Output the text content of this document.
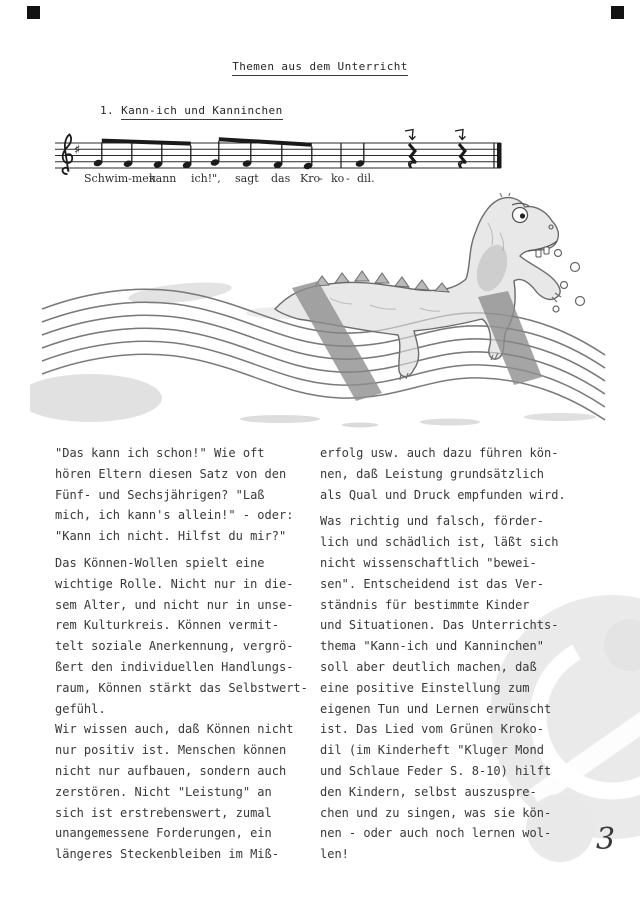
Themen aus dem Unterricht
1. Kann-ich und Kanninchen
♯
Schwim-men
kann ich!", sagt das Kro
- ko - dil.
"Das kann ich schon!" Wie oft
hören Eltern diesen Satz von den
Fünf- und Sechsjährigen? "Laß
mich, ich kann's allein!" - oder:
"Kann ich nicht. Hilfst du mir?"
Das Können-Wollen spielt eine
wichtige Rolle. Nicht nur in die-
sem Alter, und nicht nur in unse-
rem Kulturkreis. Können vermit-
telt soziale Anerkennung, vergrö-
ßert den individuellen Handlungs-
raum, Können stärkt das Selbstwert-
gefühl.
Wir wissen auch, daß Können nicht
nur positiv ist. Menschen können
nicht nur aufbauen, sondern auch
zerstören. Nicht "Leistung" an
sich ist erstrebenswert, zumal
unangemessene Forderungen, ein
längeres Steckenbleiben im Miß-
erfolg usw. auch dazu führen kön-
nen, daß Leistung grundsätzlich
als Qual und Druck empfunden wird.
Was richtig und falsch, förder-
lich und schädlich ist, läßt sich
nicht wissenschaftlich "bewei-
sen". Entscheidend ist das Ver-
ständnis für bestimmte Kinder
und Situationen. Das Unterrichts-
thema "Kann-ich und Kanninchen"
soll aber deutlich machen, daß
eine positive Einstellung zum
eigenen Tun und Lernen erwünscht
ist. Das Lied vom Grünen Kroko-
dil (im Kinderheft "Kluger Mond
und Schlaue Feder S. 8-10) hilft
den Kindern, selbst auszuspre-
chen und zu singen, was sie kön-
nen - oder auch noch lernen wol-
len!	3
